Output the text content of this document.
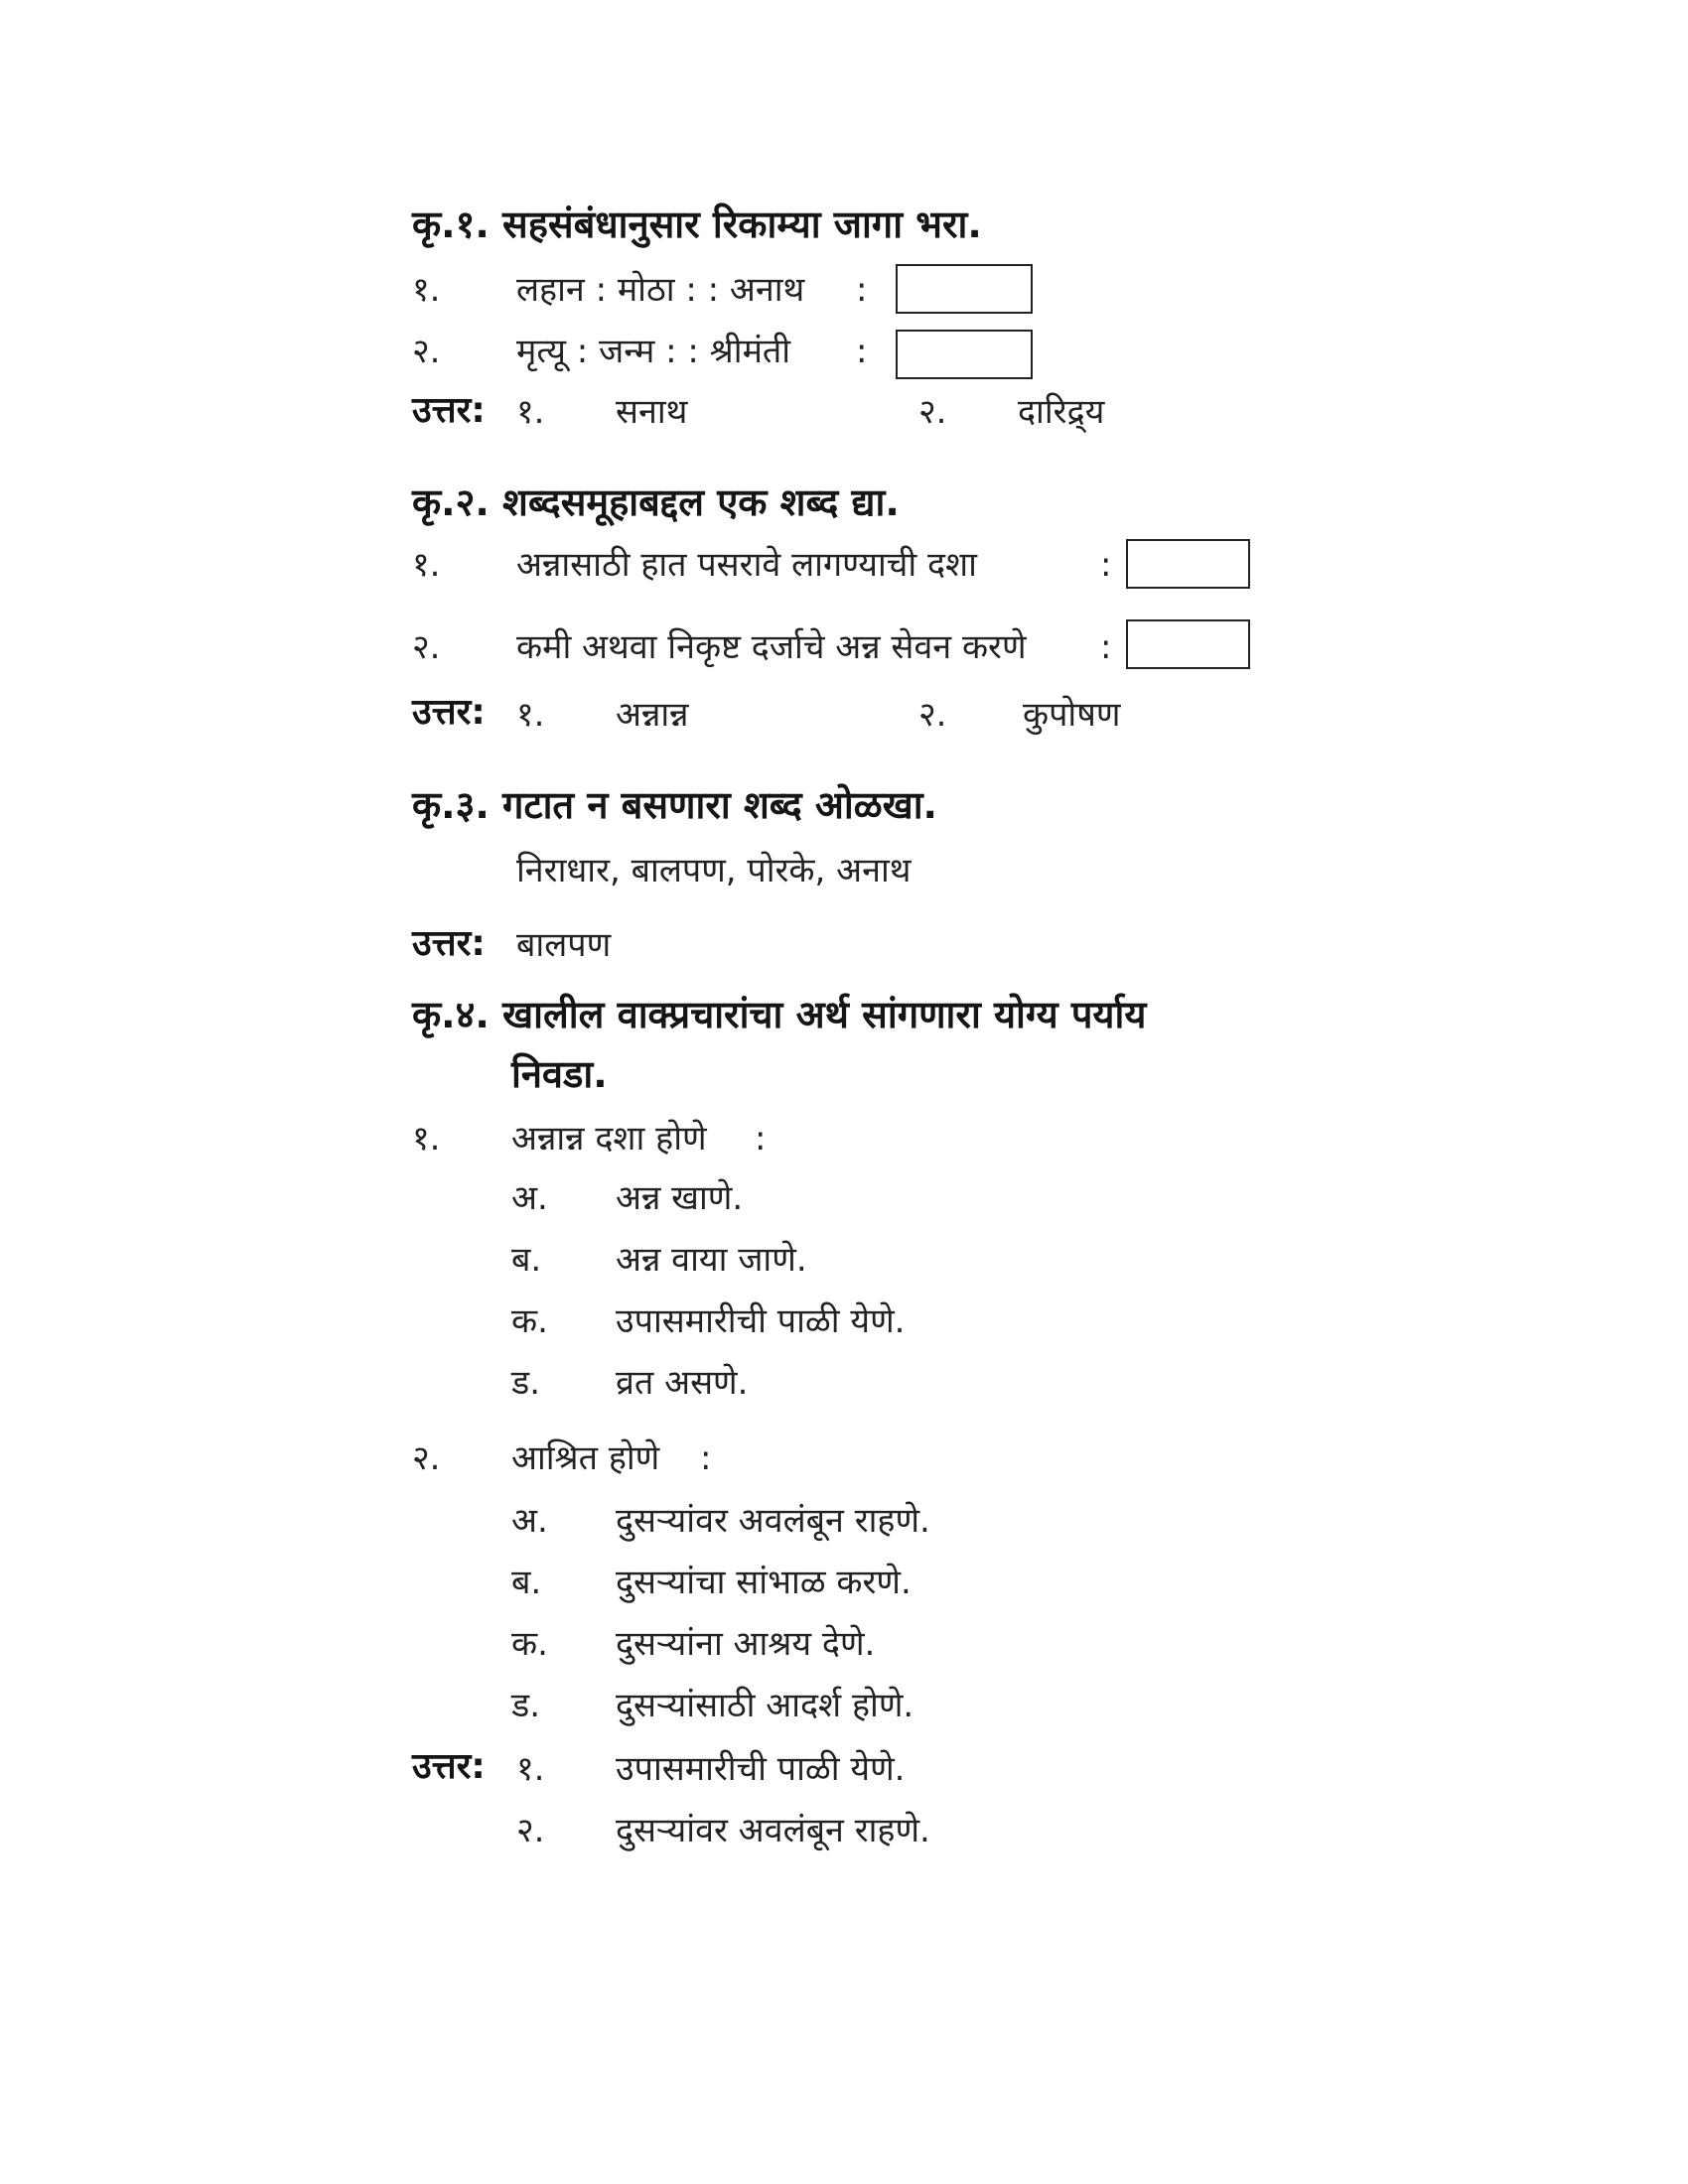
कृ.१. सहसंबंधानुसार रिकाम्या जागा भरा.
१. लहान : मोठा : : अनाथ :
२. मृत्यू : जन्म : : श्रीमंती :
उत्तर: १. सनाथ	२. दारिद्र्य
कृ.२. शब्दसमूहाबद्दल एक शब्द द्या.
१. अन्नासाठी हात पसरावे लागण्याची दशा	:
२. कमी अथवा निकृष्ट दर्जाचे अन्न सेवन करणे :
उत्तर: १. अन्नान्न	२. कुपोषण
कृ.३. गटात न बसणारा शब्द ओळखा.
निराधार, बालपण, पोरके, अनाथ
उत्तर: बालपण
कृ.४. खालील वाक्प्रचारांचा अर्थ सांगणारा योग्य पर्याय
निवडा.
१. अन्नान्न दशा होणे :
अ. अन्न खाणे.
ब. अन्न वाया जाणे.
क. उपासमारीची पाळी येणे.
ड. व्रत असणे.
२. आश्रित होणे :
अ. दुसऱ्यांवर अवलंबून राहणे.
ब. दुसऱ्यांचा सांभाळ करणे.
क. दुसऱ्यांना आश्रय देणे.
ड. दुसऱ्यांसाठी आदर्श होणे.
उत्तर: १. उपासमारीची पाळी येणे.
२. दुसऱ्यांवर अवलंबून राहणे.
